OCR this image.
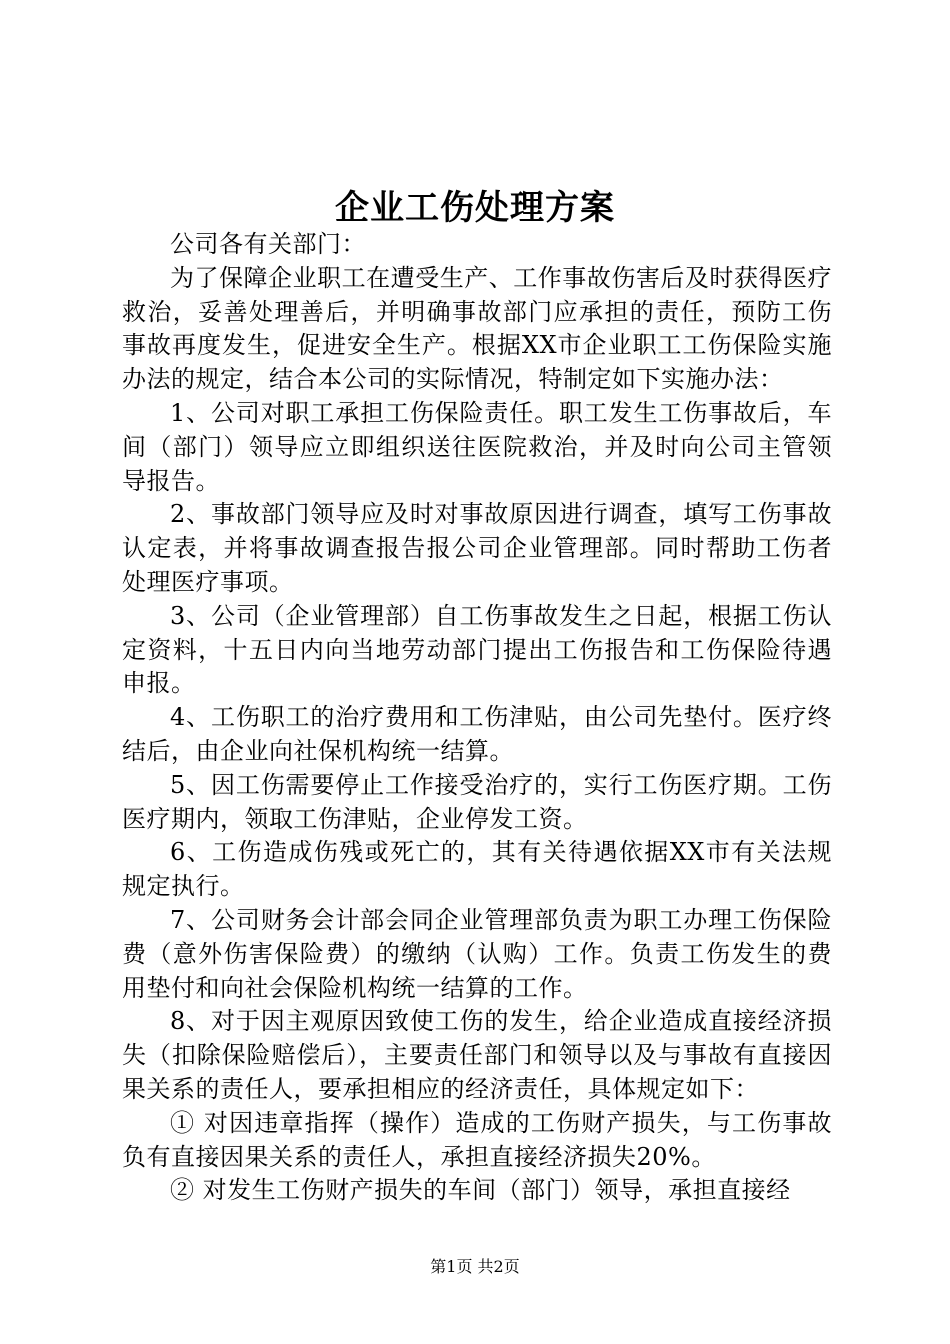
企业工伤处理方案

公司各有关部门：

为了保障企业职工在遭受生产、工作事故伤害后及时获得医疗救治，妥善处理善后，并明确事故部门应承担的责任，预防工伤事故再度发生，促进安全生产。根据XX市企业职工工伤保险实施办法的规定，结合本公司的实际情况，特制定如下实施办法：

1、公司对职工承担工伤保险责任。职工发生工伤事故后，车间（部门）领导应立即组织送往医院救治，并及时向公司主管领导报告。

2、事故部门领导应及时对事故原因进行调查，填写工伤事故认定表，并将事故调查报告报公司企业管理部。同时帮助工伤者处理医疗事项。

3、公司（企业管理部）自工伤事故发生之日起，根据工伤认定资料，十五日内向当地劳动部门提出工伤报告和工伤保险待遇申报。

4、工伤职工的治疗费用和工伤津贴，由公司先垫付。医疗终结后，由企业向社保机构统一结算。

5、因工伤需要停止工作接受治疗的，实行工伤医疗期。工伤医疗期内，领取工伤津贴，企业停发工资。

6、工伤造成伤残或死亡的，其有关待遇依据XX市有关法规规定执行。

7、公司财务会计部会同企业管理部负责为职工办理工伤保险费（意外伤害保险费）的缴纳（认购）工作。负责工伤发生的费用垫付和向社会保险机构统一结算的工作。

8、对于因主观原因致使工伤的发生，给企业造成直接经济损失（扣除保险赔偿后），主要责任部门和领导以及与事故有直接因果关系的责任人，要承担相应的经济责任，具体规定如下：

① 对因违章指挥（操作）造成的工伤财产损失，与工伤事故负有直接因果关系的责任人，承担直接经济损失20%。

② 对发生工伤财产损失的车间（部门）领导，承担直接经

第1页 共2页
